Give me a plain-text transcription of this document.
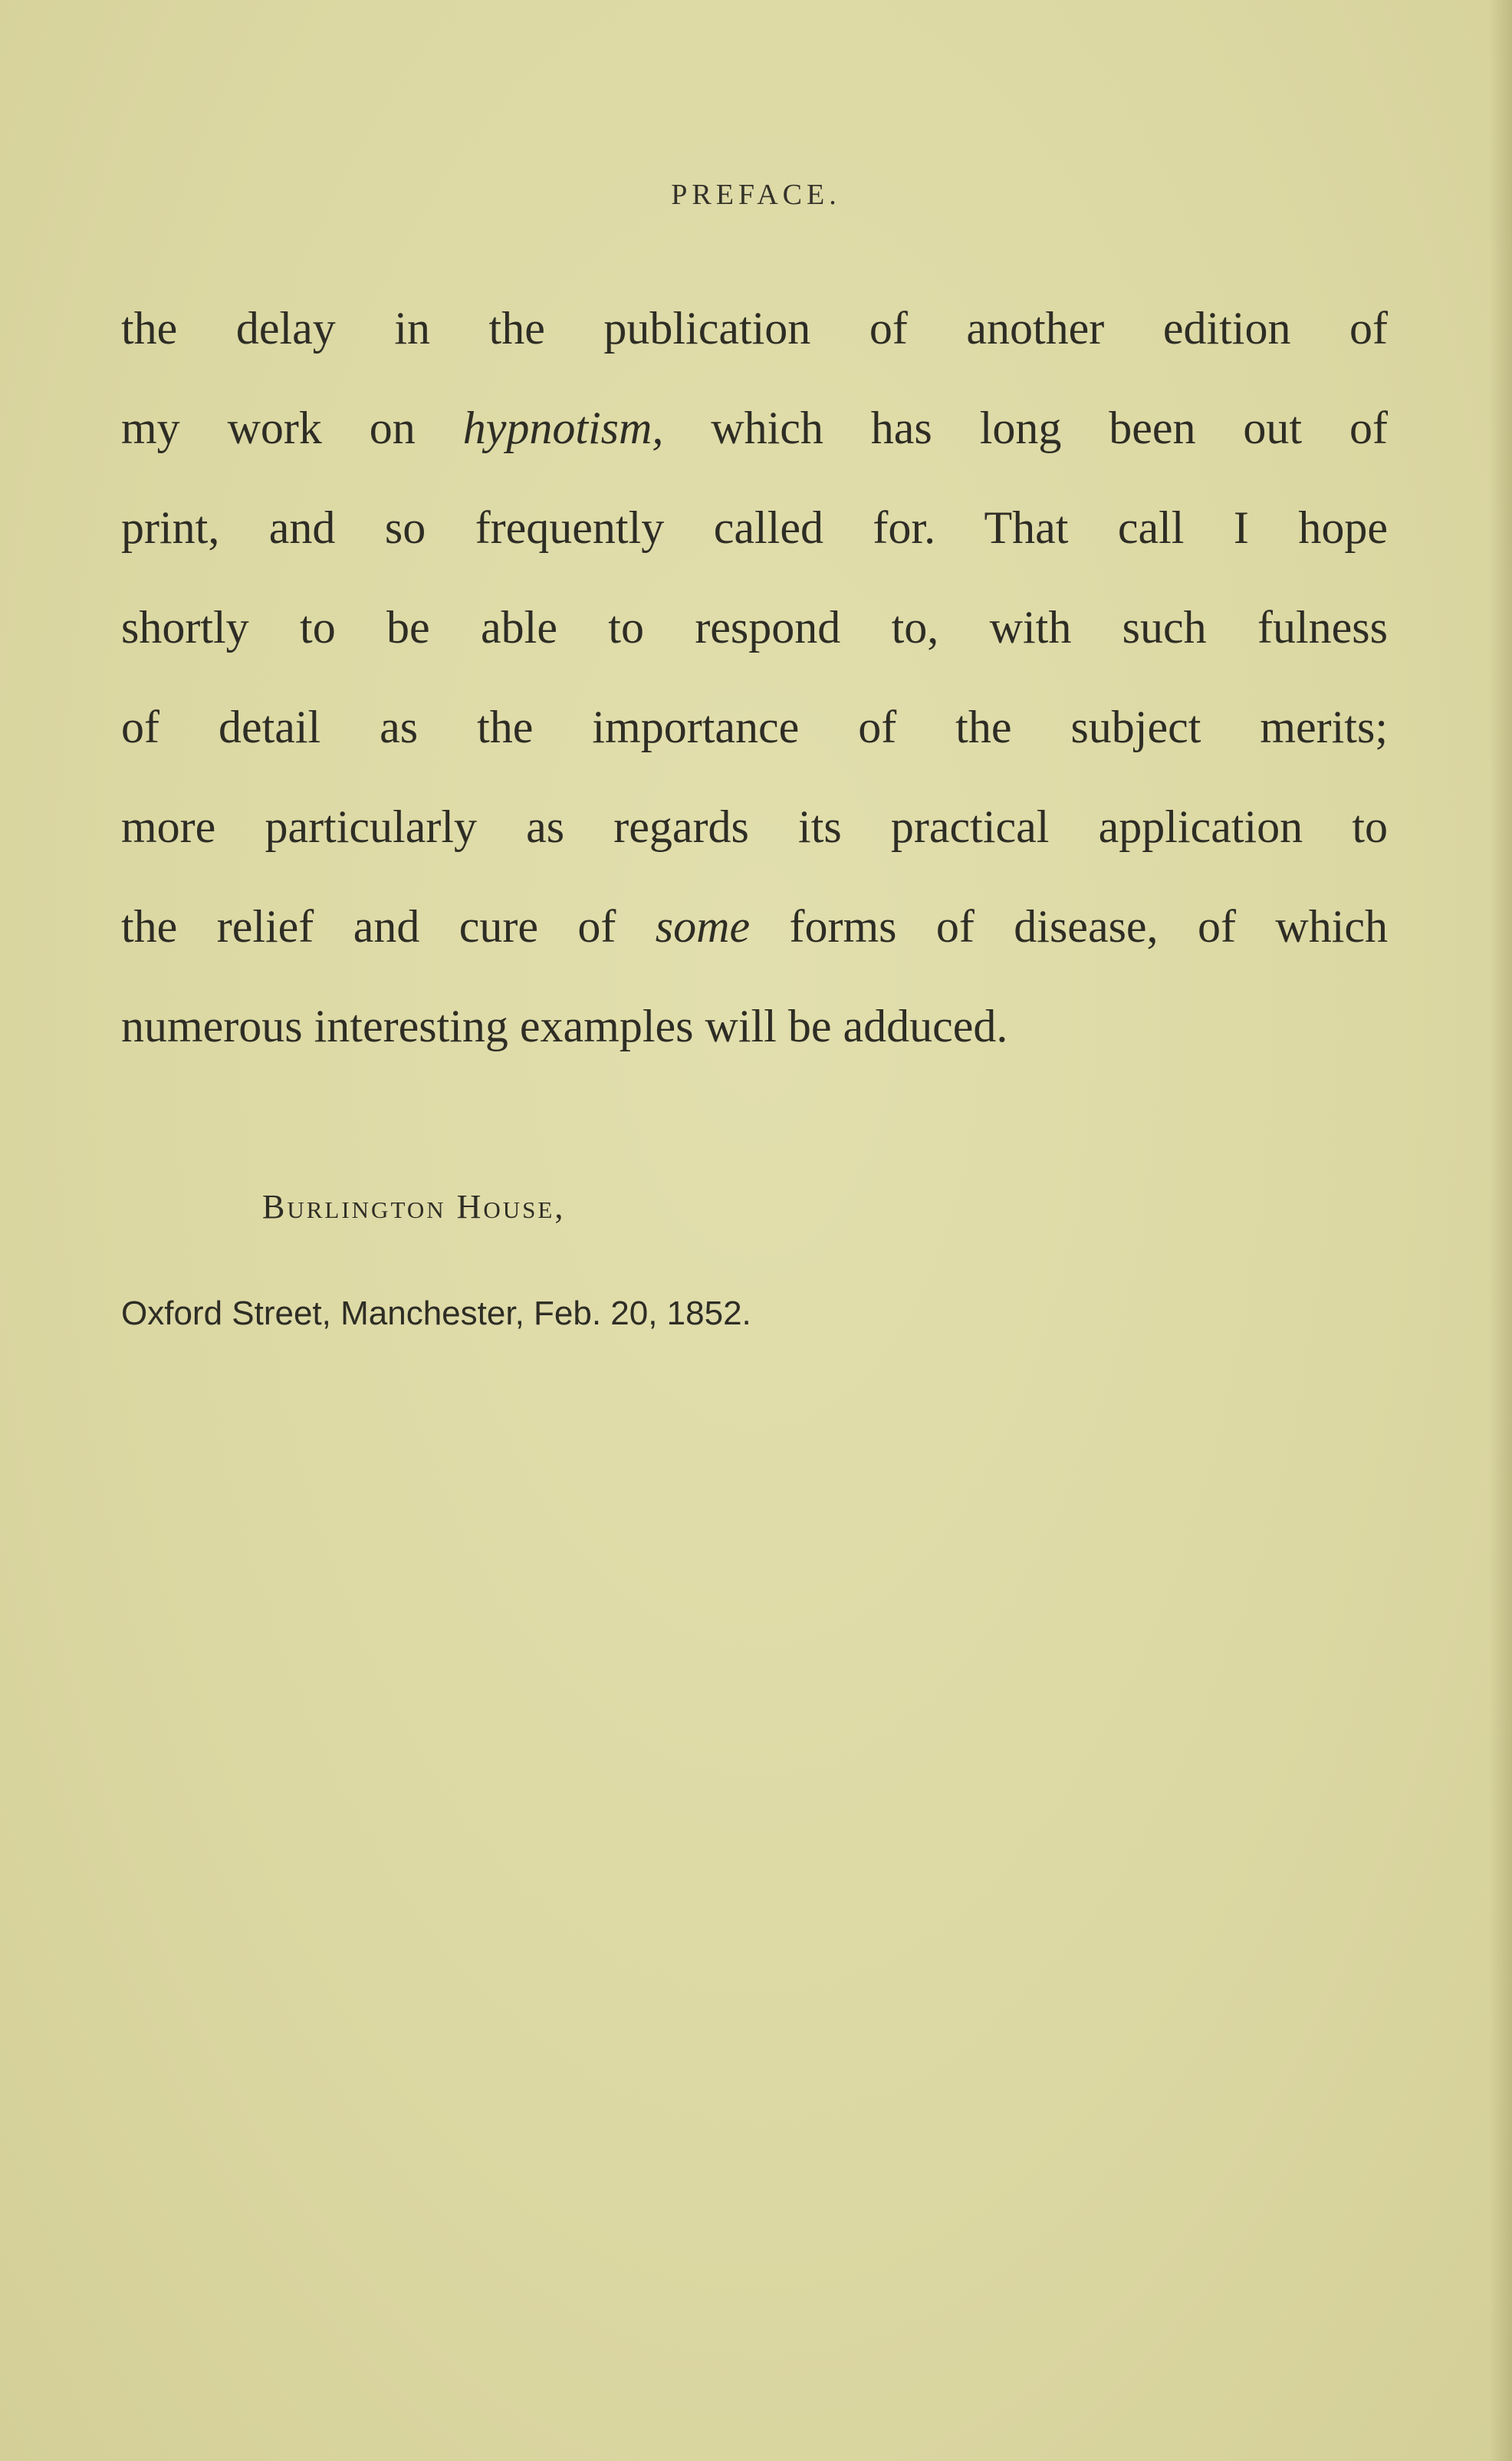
PREFACE.
the delay in the publication of another edition of
my work on hypnotism, which has long been out of
print, and so frequently called for. That call I hope
shortly to be able to respond to, with such fulness
of detail as the importance of the subject merits;
more particularly as regards its practical application to
the relief and cure of some forms of disease, of which
numerous interesting examples will be adduced.
Burlington House,
Oxford Street, Manchester, Feb. 20, 1852.
